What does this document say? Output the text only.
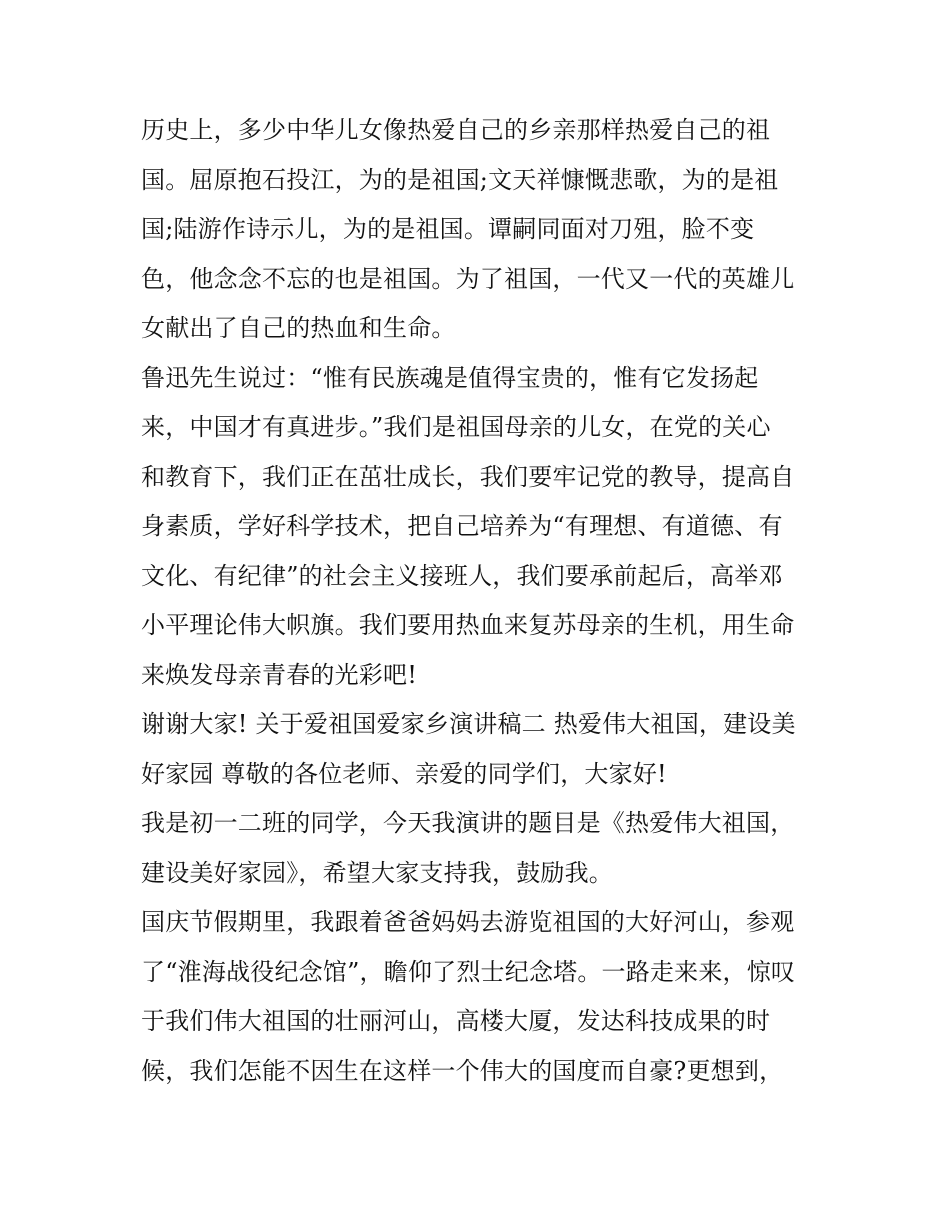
历史上，多少中华儿女像热爱自己的乡亲那样热爱自己的祖
国。屈原抱石投江，为的是祖国;文天祥慷慨悲歌，为的是祖
国;陆游作诗示儿，为的是祖国。谭嗣同面对刀殂，脸不变
色，他念念不忘的也是祖国。为了祖国，一代又一代的英雄儿
女献出了自己的热血和生命。
鲁迅先生说过：“惟有民族魂是值得宝贵的，惟有它发扬起
来，中国才有真进步。”我们是祖国母亲的儿女，在党的关心
和教育下，我们正在茁壮成长，我们要牢记党的教导，提高自
身素质，学好科学技术，把自己培养为“有理想、有道德、有
文化、有纪律”的社会主义接班人，我们要承前起后，高举邓
小平理论伟大帜旗。我们要用热血来复苏母亲的生机，用生命
来焕发母亲青春的光彩吧!
谢谢大家! 关于爱祖国爱家乡演讲稿二 热爱伟大祖国，建设美
好家园 尊敬的各位老师、亲爱的同学们，大家好!
我是初一二班的同学，今天我演讲的题目是《热爱伟大祖国，
建设美好家园》，希望大家支持我，鼓励我。
国庆节假期里，我跟着爸爸妈妈去游览祖国的大好河山，参观
了“淮海战役纪念馆”，瞻仰了烈士纪念塔。一路走来来，惊叹
于我们伟大祖国的壮丽河山，高楼大厦，发达科技成果的时
候，我们怎能不因生在这样一个伟大的国度而自豪?更想到，
